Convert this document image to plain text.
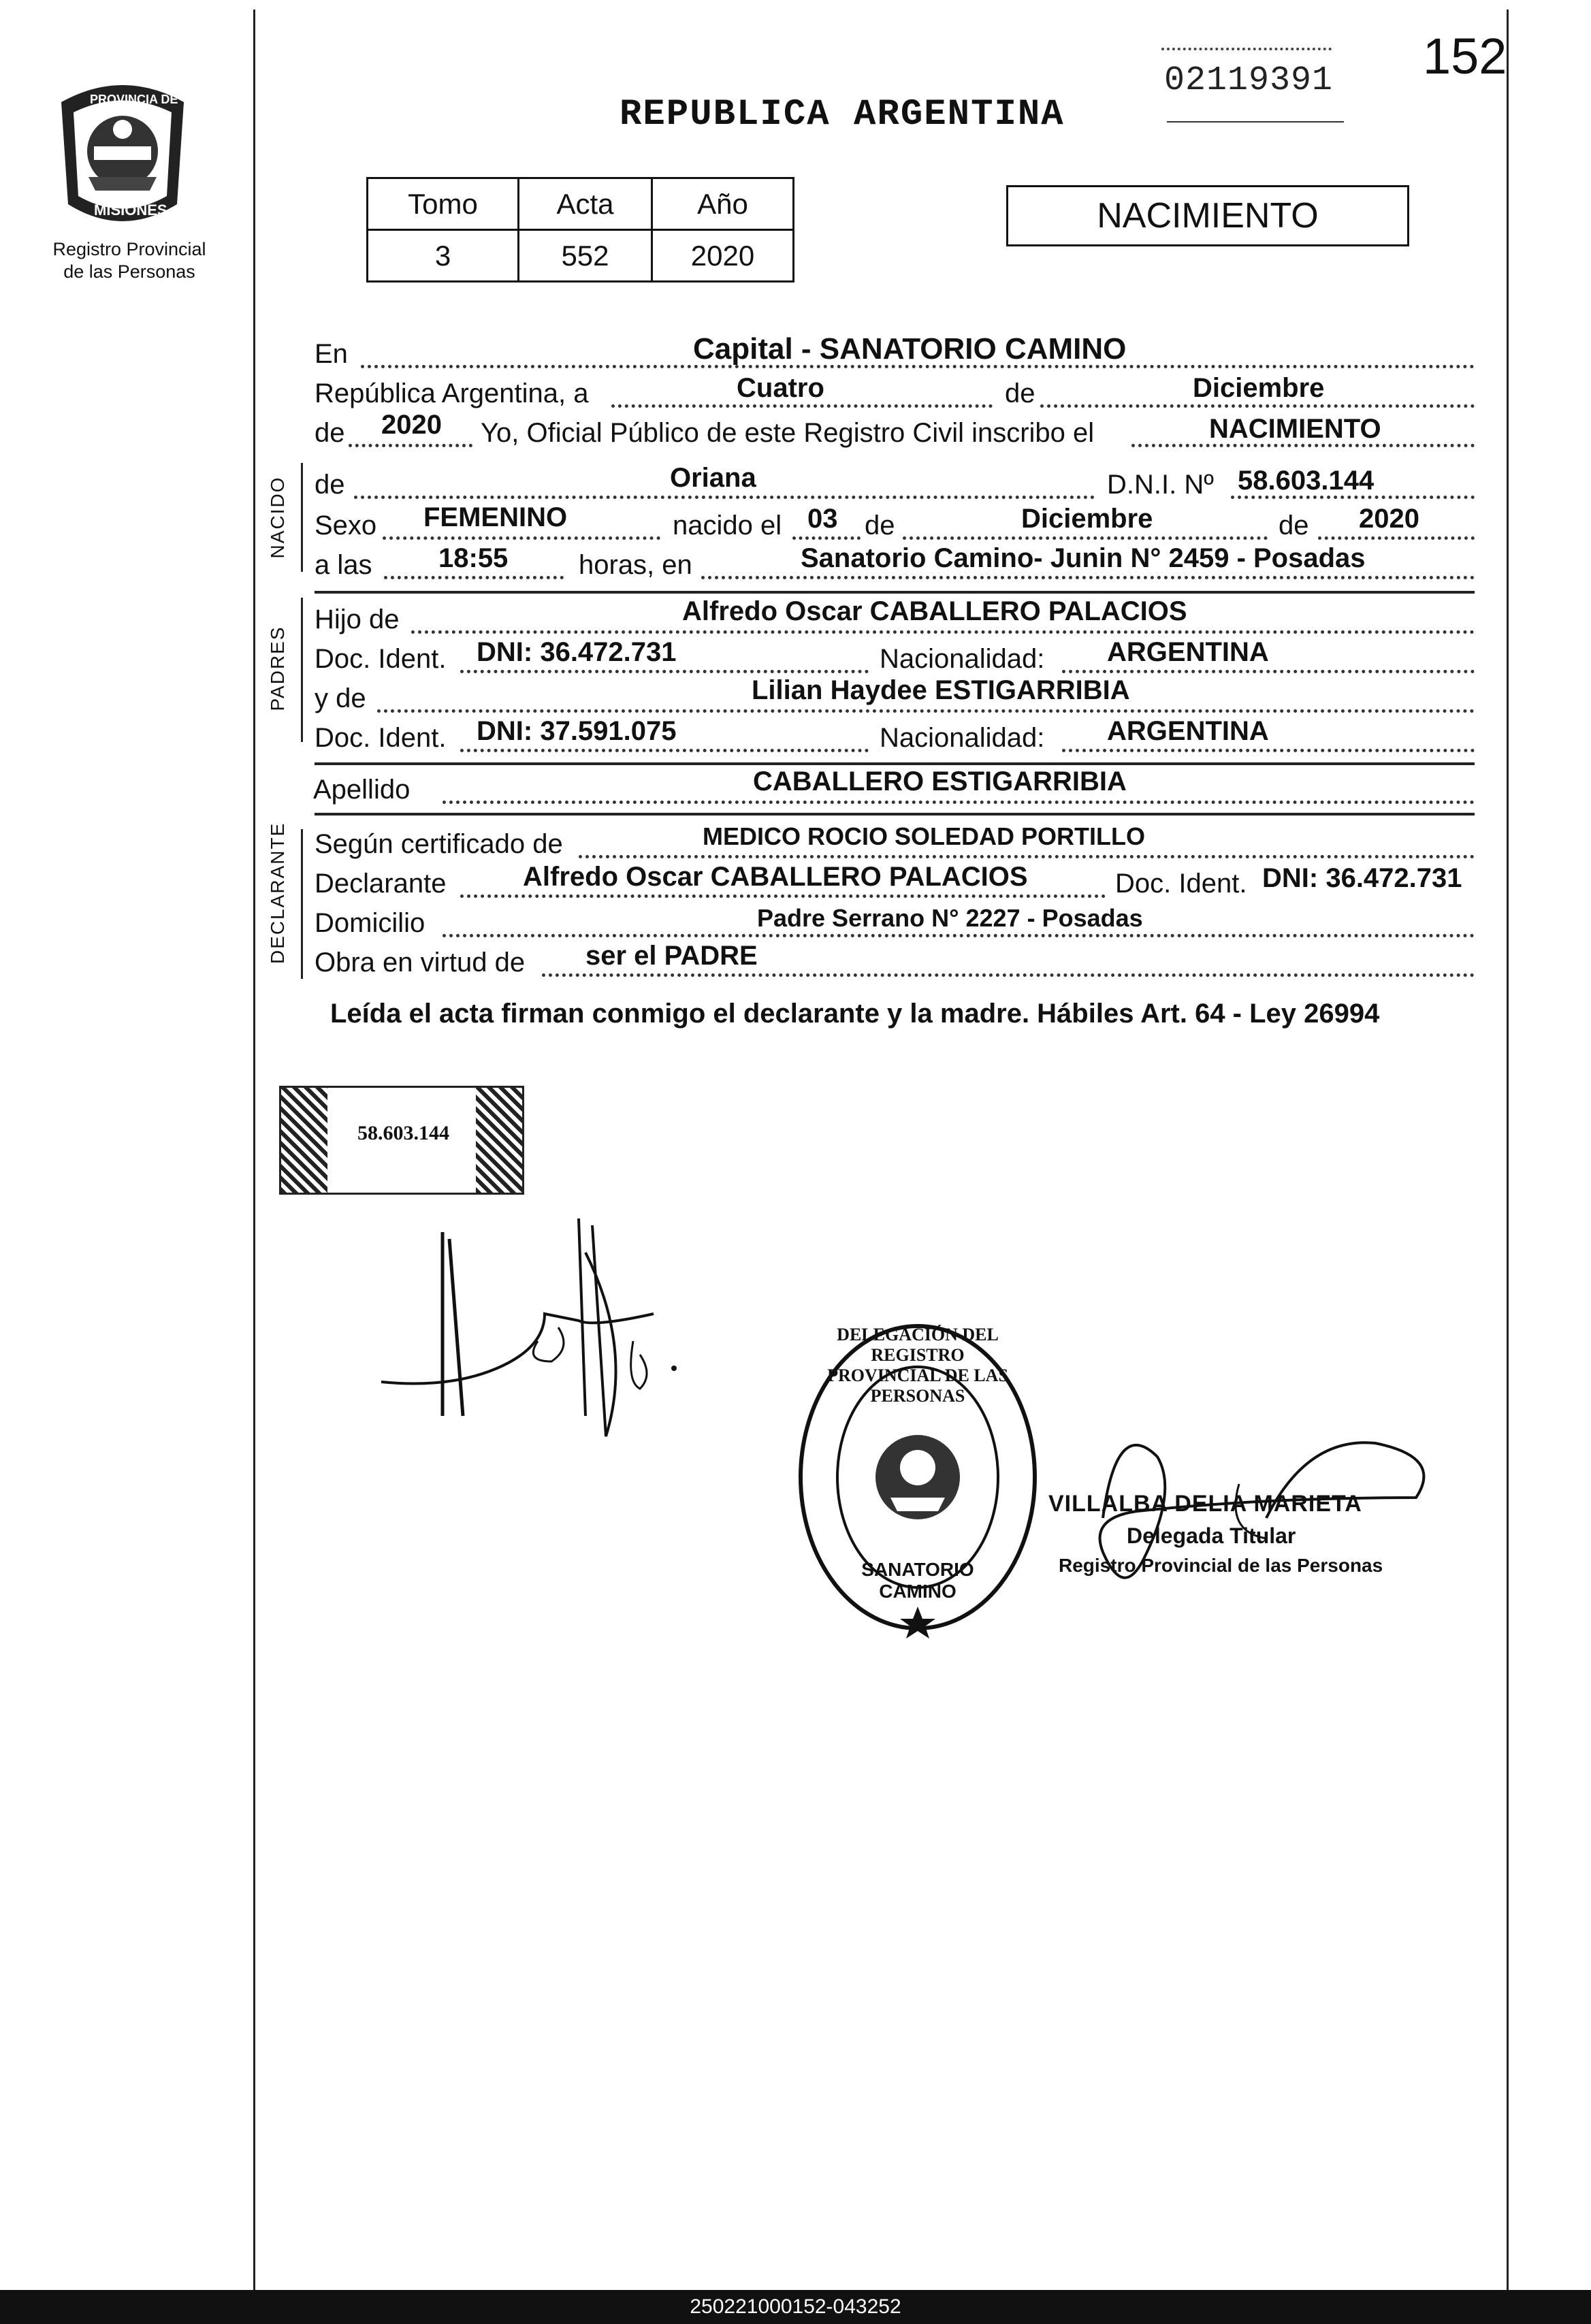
PROVINCIA DE
MISIONES
Registro Provincial
de las Personas
02119391 152
REPUBLICA ARGENTINA
Tomo	Acta	Año
3	552	2020
NACIMIENTO
En	Capital - SANATORIO CAMINO
República Argentina, a	Cuatro	de	Diciembre
de 2020 Yo, Oficial Público de este Registro Civil inscribo el	NACIMIENTO
NACIDO de	Oriana	D.N.I. Nº 58.603.144
Sexo FEMENINO	nacido el 03 de	Diciembre	de 2020
a las 18:55	horas, en	Sanatorio Camino- Junin N° 2459 - Posadas
PADRES
Hijo de	Alfredo Oscar CABALLERO PALACIOS
Doc. Ident. DNI: 36.472.731	Nacionalidad: ARGENTINA
y de	Lilian Haydee ESTIGARRIBIA
Doc. Ident. DNI: 37.591.075	Nacionalidad: ARGENTINA
Apellido	CABALLERO ESTIGARRIBIA
DECLARANTE Según certificado de	MEDICO ROCIO SOLEDAD PORTILLO
Declarante	Alfredo Oscar CABALLERO PALACIOS	Doc. Ident. DNI: 36.472.731
Domicilio	Padre Serrano N° 2227 - Posadas
Obra en virtud de ser el PADRE
Leída el acta firman conmigo el declarante y la madre. Hábiles Art. 64 - Ley 26994
58.603.144
DELEGACIÓN DEL REGISTRO PROVINCIAL DE LAS PERSONAS
SANATORIO CAMINO
VILLALBA DELIA MARIETA
Delegada Titular
Registro Provincial de las Personas
250221000152-043252
